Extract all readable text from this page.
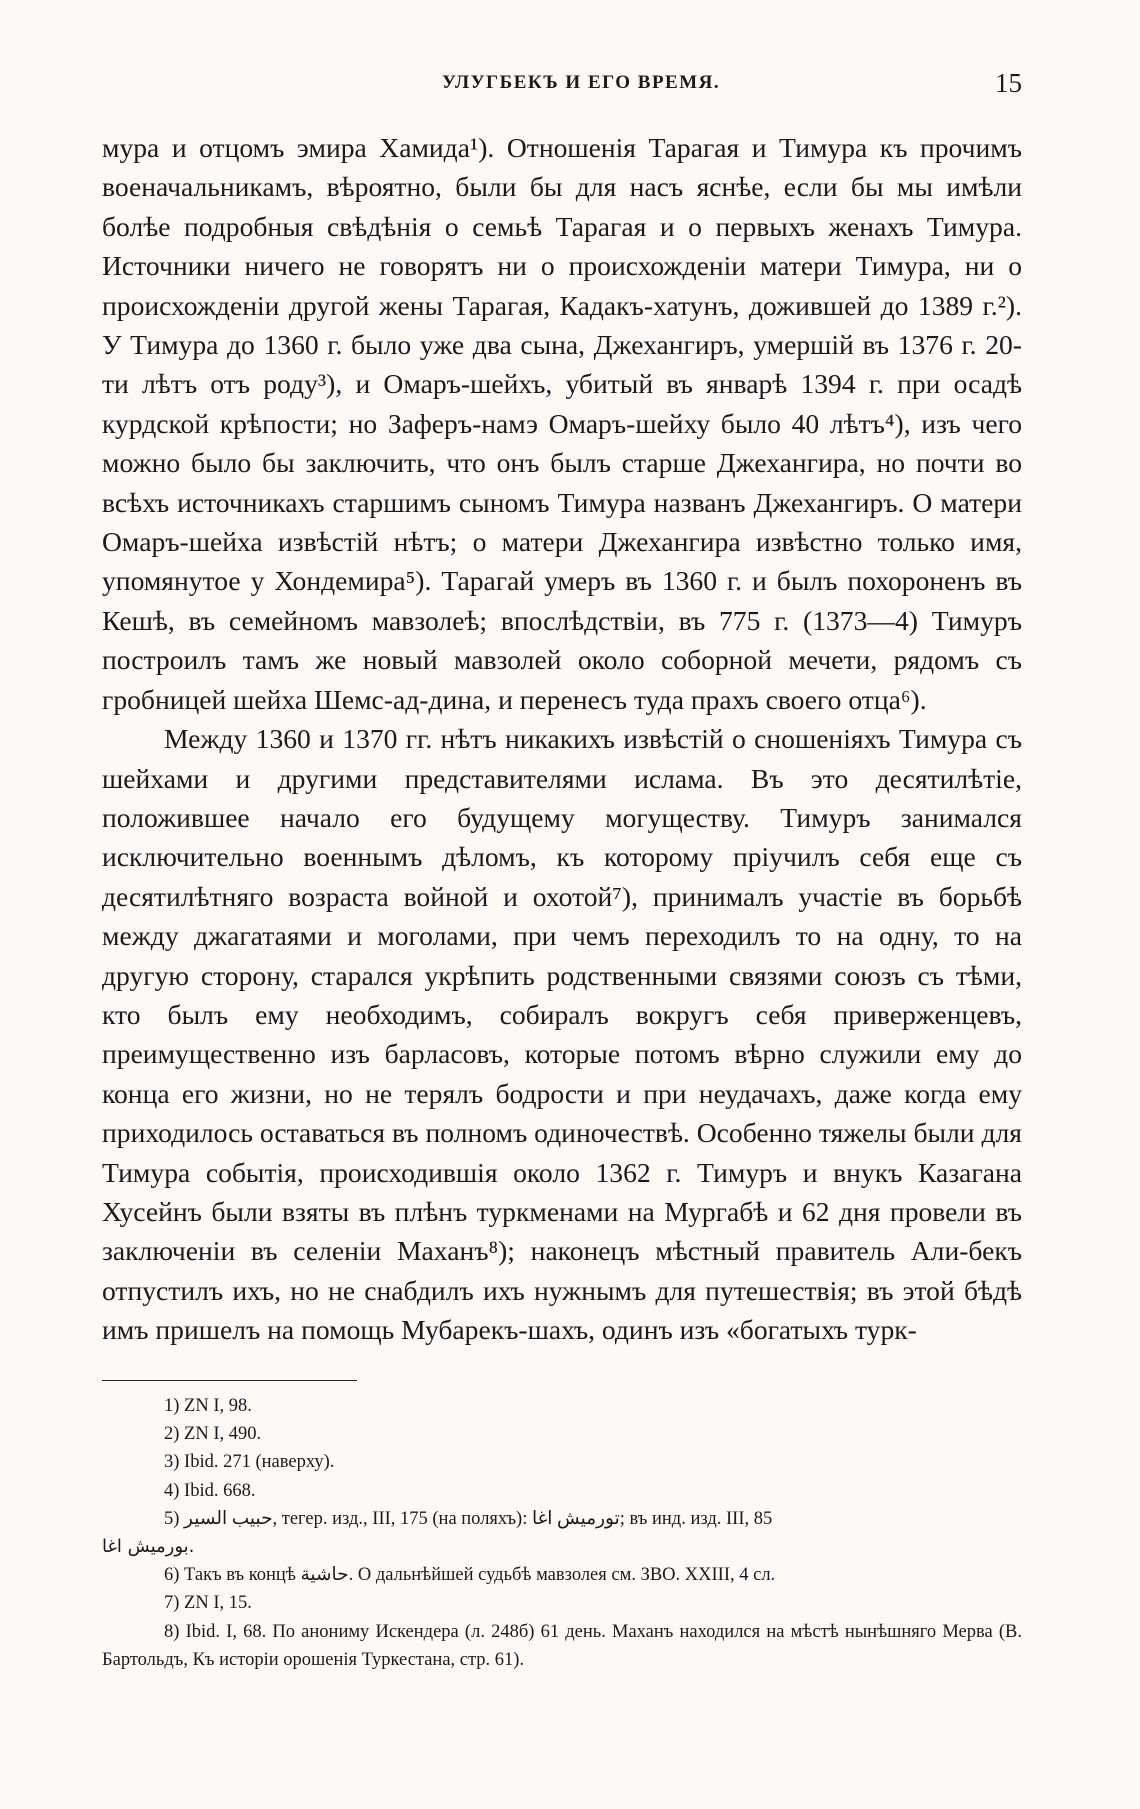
УЛУГБЕКЪ И ЕГО ВРЕМЯ.	15

мура и отцомъ эмира Хамида¹). Отношенія Тарагая и Тимура къ прочимъ военачальникамъ, вѣроятно, были бы для насъ яснѣе, если бы мы имѣли болѣе подробныя свѣдѣнія о семьѣ Тарагая и о первыхъ женахъ Тимура. Источники ничего не говорятъ ни о происхожденіи матери Тимура, ни о происхожденіи другой жены Тарагая, Кадакъ-хатунъ, дожившей до 1389 г.²). У Тимура до 1360 г. было уже два сына, Джехангиръ, умершій въ 1376 г. 20-ти лѣтъ отъ роду³), и Омаръ-шейхъ, убитый въ январѣ 1394 г. при осадѣ курдской крѣпости; но Зaферъ-намэ Омаръ-шейху было 40 лѣтъ⁴), изъ чего можно было бы заключить, что онъ былъ старше Джехангира, но почти во всѣхъ источникахъ старшимъ сыномъ Тимура названъ Джехангиръ. О матери Омаръ-шейха извѣстій нѣтъ; о матери Джехангира извѣстно только имя, упомянутое у Хондемира⁵). Тарагай умеръ въ 1360 г. и былъ похороненъ въ Кешѣ, въ семейномъ мавзолеѣ; впослѣдствіи, въ 775 г. (1373—4) Тимуръ построилъ тамъ же новый мавзолей около соборной мечети, рядомъ съ гробницей шейха Шемс-ад-дина, и перенесъ туда прахъ своего отца⁶).

Между 1360 и 1370 гг. нѣтъ никакихъ извѣстій о сношеніяхъ Тимура съ шейхами и другими представителями ислама. Въ это десятилѣтіе, положившее начало его будущему могуществу. Тимуръ занимался исключительно военнымъ дѣломъ, къ которому пріучилъ себя еще съ десятилѣтняго возраста войной и охотой⁷), принималъ участіе въ борьбѣ между джагатаями и моголами, при чемъ переходилъ то на одну, то на другую сторону, старался укрѣпить родственными связями союзъ съ тѣми, кто былъ ему необходимъ, собиралъ вокругъ себя приверженцевъ, преимущественно изъ барласовъ, которые потомъ вѣрно служили ему до конца его жизни, но не терялъ бодрости и при неудачахъ, даже когда ему приходилось оставаться въ полномъ одиночествѣ. Особенно тяжелы были для Тимура событія, происходившія около 1362 г. Тимуръ и внукъ Казагана Хусейнъ были взяты въ плѣнъ туркменами на Мургабѣ и 62 дня провели въ заключеніи въ селеніи Маханъ⁸); наконецъ мѣстный правитель Али-бекъ отпустилъ ихъ, но не снабдилъ ихъ нужнымъ для путешествія; въ этой бѣдѣ имъ пришелъ на помощь Мубарекъ-шахъ, одинъ изъ «богатыхъ турк-

1) ZN I, 98.
2) ZN I, 490.
3) Ibid. 271 (наверху).
4) Ibid. 668.
5) حبيب السير, тегер. изд., III, 175 (на поляхъ): تورميش اغا; въ инд. изд. III, 85
بورميش اغا.
6) Такъ въ концѣ حاشية. О дальнѣйшей судьбѣ мавзолея см. ЗВО. XXIII, 4 сл.
7) ZN I, 15.
8) Ibid. I, 68. По анониму Искендера (л. 248б) 61 день. Маханъ находился на мѣстѣ нынѣшняго Мерва (В. Бартольдъ, Къ исторіи орошенія Туркестана, стр. 61).
